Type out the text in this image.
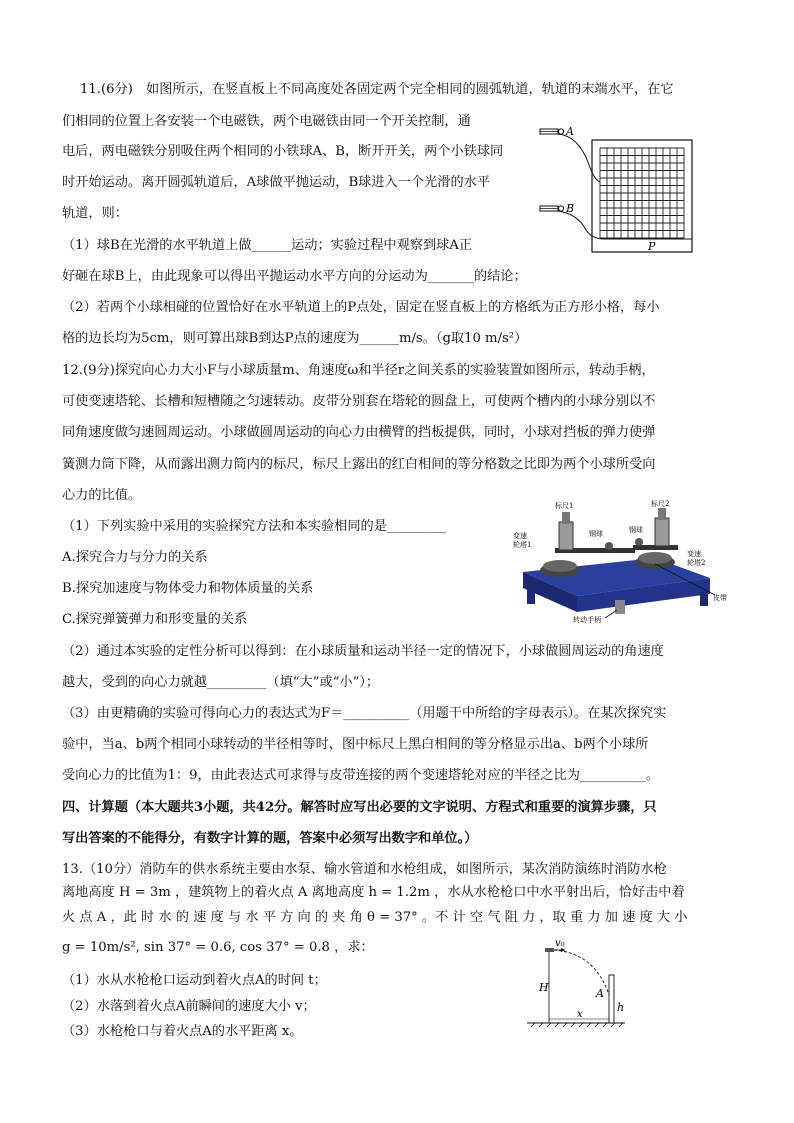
11.(6分)　如图所示，在竖直板上不同高度处各固定两个完全相同的圆弧轨道，轨道的末端水平，在它
们相同的位置上各安装一个电磁铁，两个电磁铁由同一个开关控制，通
电后，两电磁铁分别吸住两个相同的小铁球A、B，断开开关，两个小铁球同
时开始运动。离开圆弧轨道后，A球做平抛运动，B球进入一个光滑的水平
轨道，则：
（1）球B在光滑的水平轨道上做______运动；实验过程中观察到球A正
好砸在球B上，由此现象可以得出平抛运动水平方向的分运动为_______的结论；
（2）若两个小球相碰的位置恰好在水平轨道上的P点处，固定在竖直板上的方格纸为正方形小格，每小
格的边长均为5cm，则可算出球B到达P点的速度为______m/s。（g取10 m/s²）
A
B
P
12.(9分)探究向心力大小F与小球质量m、角速度ω和半径r之间关系的实验装置如图所示，转动手柄，
可使变速塔轮、长槽和短槽随之匀速转动。皮带分别套在塔轮的圆盘上，可使两个槽内的小球分别以不
同角速度做匀速圆周运动。小球做圆周运动的向心力由横臂的挡板提供，同时，小球对挡板的弹力使弹
簧测力筒下降，从而露出测力筒内的标尺，标尺上露出的红白相间的等分格数之比即为两个小球所受向
心力的比值。
（1）下列实验中采用的实验探究方法和本实验相同的是_________
A.探究合力与分力的关系
B.探究加速度与物体受力和物体质量的关系
C.探究弹簧弹力和形变量的关系
（2）通过本实验的定性分析可以得到：在小球质量和运动半径一定的情况下，小球做圆周运动的角速度
越大，受到的向心力就越_________（填“大”或“小”）；
（3）由更精确的实验可得向心力的表达式为F＝__________（用题干中所给的字母表示）。在某次探究实
验中，当a、b两个相同小球转动的半径相等时，图中标尺上黑白相间的等分格显示出a、b两个小球所
受向心力的比值为1：9，由此表达式可求得与皮带连接的两个变速塔轮对应的半径之比为__________。
标尺1	标尺2
钢球	钢球
变速
轮塔1
变速
轮塔2
皮带
转动手柄
四、计算题（本大题共3小题，共42分。解答时应写出必要的文字说明、方程式和重要的演算步骤，只
写出答案的不能得分，有数字计算的题，答案中必须写出数字和单位。）
13.（10分）消防车的供水系统主要由水泵、输水管道和水枪组成，如图所示，某次消防演练时消防水枪
离地高度 H = 3m ，建筑物上的着火点 A 离地高度 h = 1.2m ，水从水枪枪口中水平射出后，恰好击中着
火 点 A ，此 时 水 的 速 度 与 水 平 方 向 的 夹 角 θ = 37° 。不 计 空 气 阻 力 ，取 重 力 加 速 度 大 小
g = 10m/s², sin 37° = 0.6, cos 37° = 0.8 ，求：
（1）水从水枪枪口运动到着火点A的时间 t；
（2）水落到着火点A前瞬间的速度大小 v；
（3）水枪枪口与着火点A的水平距离 x。
v₀
H	A
h
x
